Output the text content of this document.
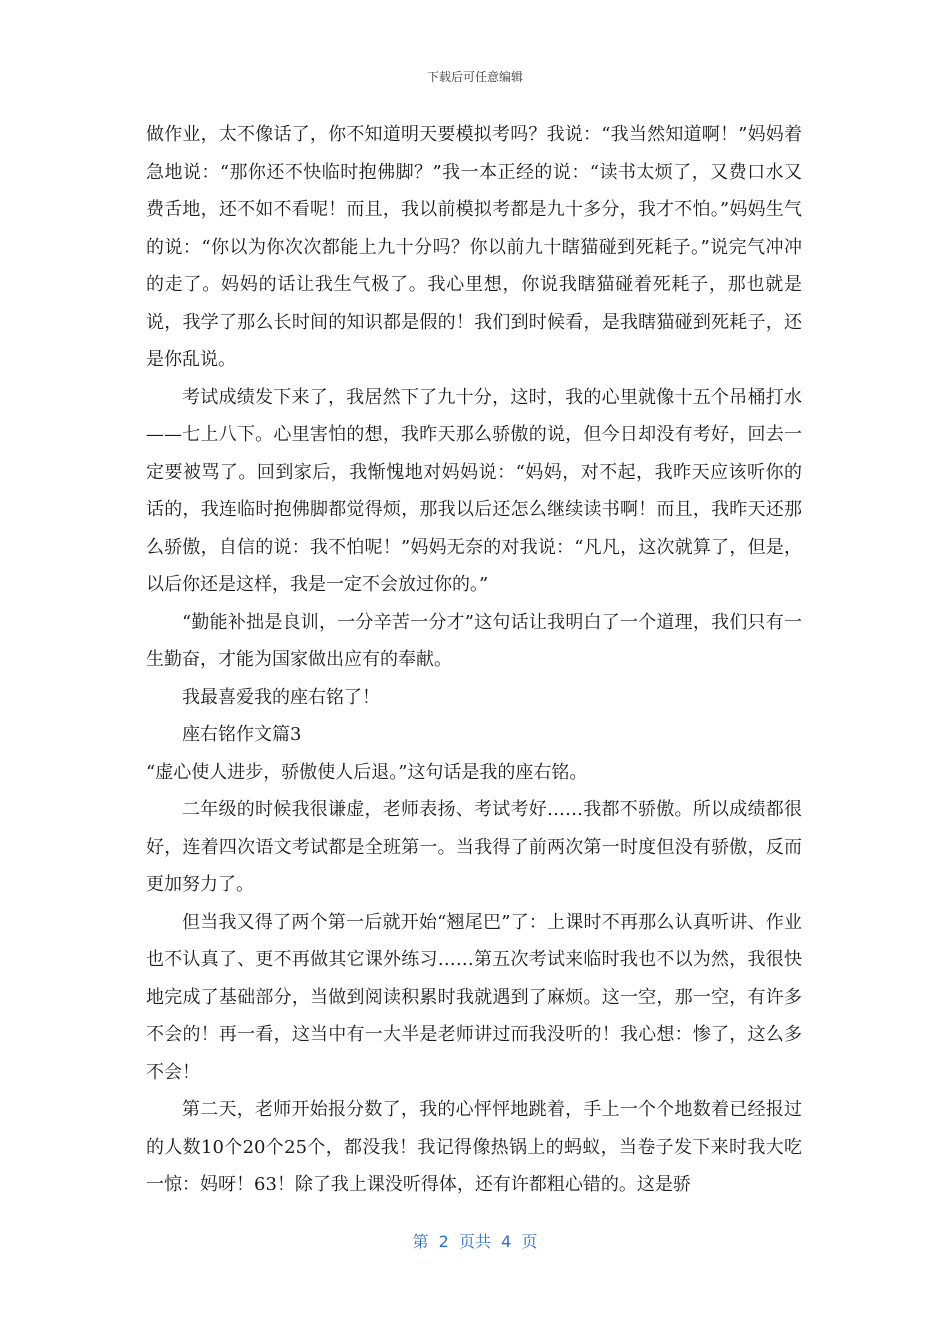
下载后可任意编辑

做作业，太不像话了，你不知道明天要模拟考吗？我说：“我当然知道啊！”妈妈着急地说：“那你还不快临时抱佛脚？”我一本正经的说：“读书太烦了，又费口水又费舌地，还不如不看呢！而且，我以前模拟考都是九十多分，我才不怕。”妈妈生气的说：“你以为你次次都能上九十分吗？你以前九十瞎猫碰到死耗子。”说完气冲冲的走了。妈妈的话让我生气极了。我心里想，你说我瞎猫碰着死耗子，那也就是说，我学了那么长时间的知识都是假的！我们到时候看，是我瞎猫碰到死耗子，还是你乱说。

考试成绩发下来了，我居然下了九十分，这时，我的心里就像十五个吊桶打水——七上八下。心里害怕的想，我昨天那么骄傲的说，但今日却没有考好，回去一定要被骂了。回到家后，我惭愧地对妈妈说：“妈妈，对不起，我昨天应该听你的话的，我连临时抱佛脚都觉得烦，那我以后还怎么继续读书啊！而且，我昨天还那么骄傲，自信的说：我不怕呢！”妈妈无奈的对我说：“凡凡，这次就算了，但是，以后你还是这样，我是一定不会放过你的。”

“勤能补拙是良训，一分辛苦一分才”这句话让我明白了一个道理，我们只有一生勤奋，才能为国家做出应有的奉献。

我最喜爱我的座右铭了！

座右铭作文篇3

“虚心使人进步，骄傲使人后退。”这句话是我的座右铭。

二年级的时候我很谦虚，老师表扬、考试考好……我都不骄傲。所以成绩都很好，连着四次语文考试都是全班第一。当我得了前两次第一时度但没有骄傲，反而更加努力了。

但当我又得了两个第一后就开始“翘尾巴”了：上课时不再那么认真听讲、作业也不认真了、更不再做其它课外练习……第五次考试来临时我也不以为然，我很快地完成了基础部分，当做到阅读积累时我就遇到了麻烦。这一空，那一空，有许多不会的！再一看，这当中有一大半是老师讲过而我没听的！我心想：惨了，这么多不会！

第二天，老师开始报分数了，我的心怦怦地跳着，手上一个个地数着已经报过的人数10个20个25个，都没我！我记得像热锅上的蚂蚁，当卷子发下来时我大吃一惊：妈呀！63！除了我上课没听得体，还有许都粗心错的。这是骄

第  2  页共  4  页
